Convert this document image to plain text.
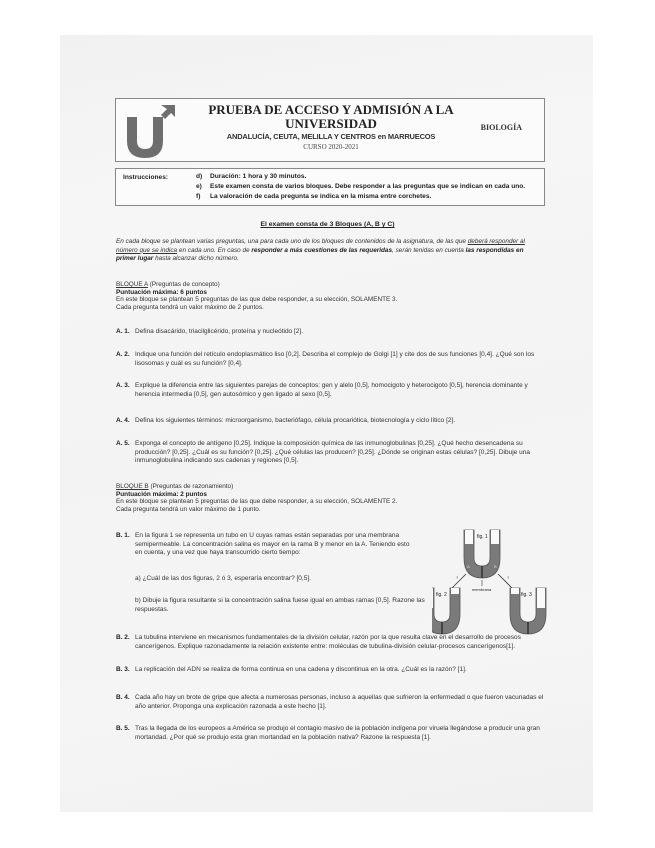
PRUEBA DE ACCESO Y ADMISIÓN A LA
UNIVERSIDAD
ANDALUCÍA, CEUTA, MELILLA Y CENTROS en MARRUECOS
CURSO 2020-2021
BIOLOGÍA
Instrucciones:	d) Duración: 1 hora y 30 minutos.
e) Este examen consta de varios bloques. Debe responder a las preguntas que se indican en cada uno.
f) La valoración de cada pregunta se indica en la misma entre corchetes.
El examen consta de 3 Bloques (A, B y C)
En cada bloque se plantean varias preguntas, una para cada uno de los bloques de contenidos de la asignatura, de las que deberá responder al número que se indica en cada uno. En caso de responder a más cuestiones de las requeridas, serán tenidas en cuenta las respondidas en primer lugar hasta alcanzar dicho número.
BLOQUE A (Preguntas de concepto)
Puntuación máxima: 6 puntos
En este bloque se plantean 5 preguntas de las que debe responder, a su elección, SOLAMENTE 3.
Cada pregunta tendrá un valor máximo de 2 puntos.
A. 1. Defina disacárido, triacilglicérido, proteína y nucleótido [2].
A. 2. Indique una función del retículo endoplasmático liso [0,2]. Describa el complejo de Golgi [1] y cite dos de sus funciones [0,4]. ¿Qué son los lisosomas y cuál es su función? [0,4].
A. 3. Explique la diferencia entre las siguientes parejas de conceptos: gen y alelo [0,5], homocigoto y heterocigoto [0,5], herencia dominante y herencia intermedia [0,5], gen autosómico y gen ligado al sexo [0,5].
A. 4. Defina los siguientes términos: microorganismo, bacteriófago, célula procariótica, biotecnología y ciclo lítico [2].
A. 5. Exponga el concepto de antígeno [0,25]. Indique la composición química de las inmunoglobulinas [0,25]. ¿Qué hecho desencadena su producción? [0,25]. ¿Cuál es su función? [0,25]. ¿Qué células las producen? [0,25]. ¿Dónde se originan estas células? [0,25]. Dibuje una inmunoglobulina indicando sus cadenas y regiones [0,5].
BLOQUE B (Preguntas de razonamiento)
Puntuación máxima: 2 puntos
En este bloque se plantean 5 preguntas de las que debe responder, a su elección, SOLAMENTE 2.
Cada pregunta tendrá un valor máximo de 1 punto.
B. 1. En la figura 1 se representa un tubo en U cuyas ramas están separadas por una membrana semipermeable. La concentración salina es mayor en la rama B y menor en la A. Teniendo esto en cuenta, y una vez que haya transcurrido cierto tiempo:
a) ¿Cuál de las dos figuras, 2 ó 3, esperaría encontrar? [0,5].
b) Dibuje la figura resultante si la concentración salina fuese igual en ambas ramas [0,5]. Razone las respuestas.
fig. 1
A	B
?	?
membrana
fig. 2	fig. 3
B. 2. La tubulina interviene en mecanismos fundamentales de la división celular, razón por la que resulta clave en el desarrollo de procesos cancerígenos. Explique razonadamente la relación existente entre: moléculas de tubulina-división celular-procesos cancerígenos[1].
B. 3. La replicación del ADN se realiza de forma continua en una cadena y discontinua en la otra. ¿Cuál es la razón? [1].
B. 4. Cada año hay un brote de gripe que afecta a numerosas personas, incluso a aquellas que sufrieron la enfermedad o que fueron vacunadas el año anterior. Proponga una explicación razonada a este hecho [1].
B. 5. Tras la llegada de los europeos a América se produjo el contagio masivo de la población indígena por viruela llegándose a producir una gran mortandad. ¿Por qué se produjo esta gran mortandad en la población nativa? Razone la respuesta [1].
